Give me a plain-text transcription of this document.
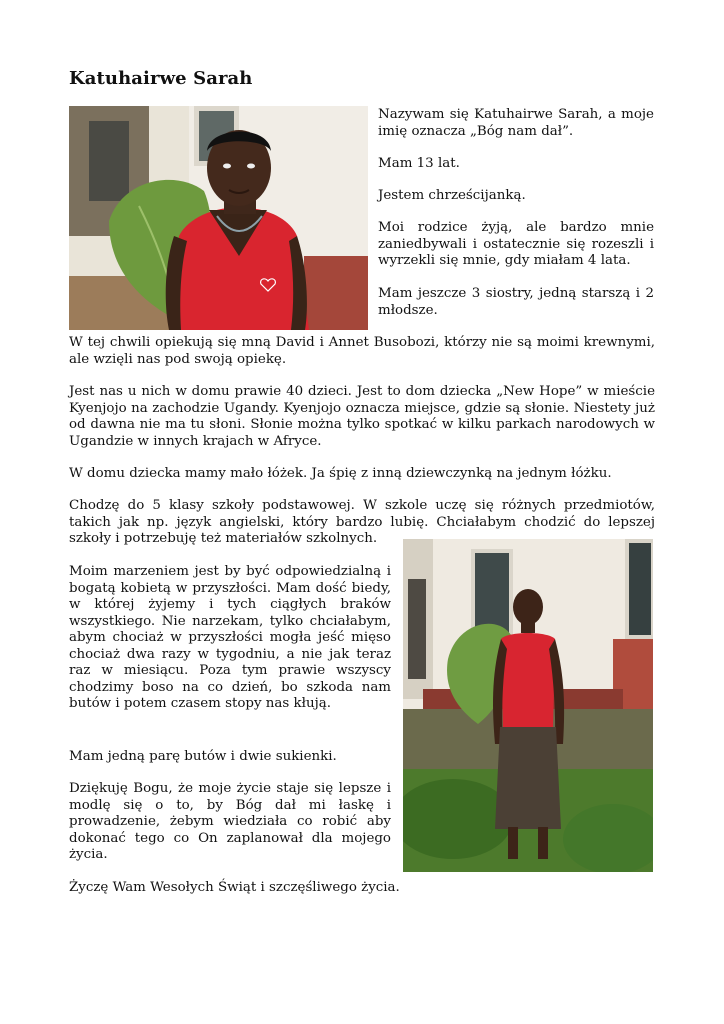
Katuhairwe Sarah

Nazywam się Katuhairwe Sarah, a moje imię oznacza „Bóg nam dał”.

Mam 13 lat.

Jestem chrześcijanką.

Moi rodzice żyją, ale bardzo mnie zaniedbywali i ostatecznie się rozeszli i wyrzekli się mnie, gdy miałam 4 lata.

Mam jeszcze 3 siostry, jedną starszą i 2 młodsze.

W tej chwili opiekują się mną David i Annet Busobozi, którzy nie są moimi krewnymi, ale wzięli nas pod swoją opiekę.

Jest nas u nich w domu prawie 40 dzieci. Jest to dom dziecka „New Hope” w mieście Kyenjojo na zachodzie Ugandy. Kyenjojo oznacza miejsce, gdzie są słonie. Niestety już od dawna nie ma tu słoni. Słonie można tylko spotkać w kilku parkach narodowych w Ugandzie w innych krajach w Afryce.

W domu dziecka mamy mało łóżek. Ja śpię z inną dziewczynką na jednym łóżku.

Chodzę do 5 klasy szkoły podstawowej. W szkole uczę się różnych przedmiotów, takich jak np. język angielski, który bardzo lubię. Chciałabym chodzić do lepszej szkoły i potrzebuję też materiałów szkolnych.

Moim marzeniem jest by być odpowiedzialną i bogatą kobietą w przyszłości. Mam dość biedy, w której żyjemy i tych ciągłych braków wszystkiego. Nie narzekam, tylko chciałabym, abym chociaż w przyszłości mogła jeść mięso chociaż dwa razy w tygodniu, a nie jak teraz raz w miesiącu. Poza tym prawie wszyscy chodzimy boso na co dzień, bo szkoda nam butów i potem czasem stopy nas kłują.

Mam jedną parę butów i dwie sukienki.

Dziękuję Bogu, że moje życie staje się lepsze i modlę się o to, by Bóg dał mi łaskę i prowadzenie, żebym wiedziała co robić aby dokonać tego co On zaplanował dla mojego życia.

Życzę Wam Wesołych Świąt i szczęśliwego życia.
